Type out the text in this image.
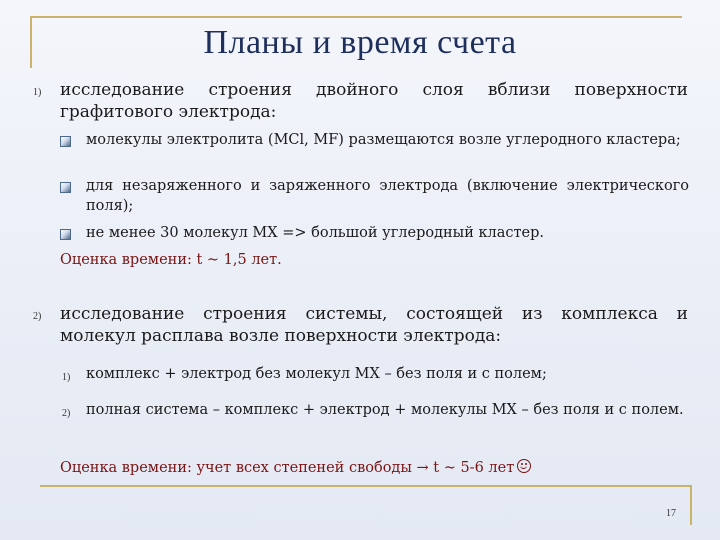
Планы и время счета
1) исследование строения двойного слоя вблизи поверхности графитового электрода:
молекулы электролита (MCl, MF) размещаются возле углеродного кластера;
для незаряженного и заряженного электрода (включение электрического поля);
не менее 30 молекул МХ => большой углеродный кластер.
Оценка времени: t ~ 1,5 лет.
2) исследование строения системы, состоящей из комплекса и молекул расплава возле поверхности электрода:
1) комплекс + электрод без молекул МХ – без поля и с полем;
2) полная система – комплекс + электрод + молекулы МХ – без поля и с полем.
Оценка времени: учет всех степеней свободы → t ~ 5-6 лет
17
